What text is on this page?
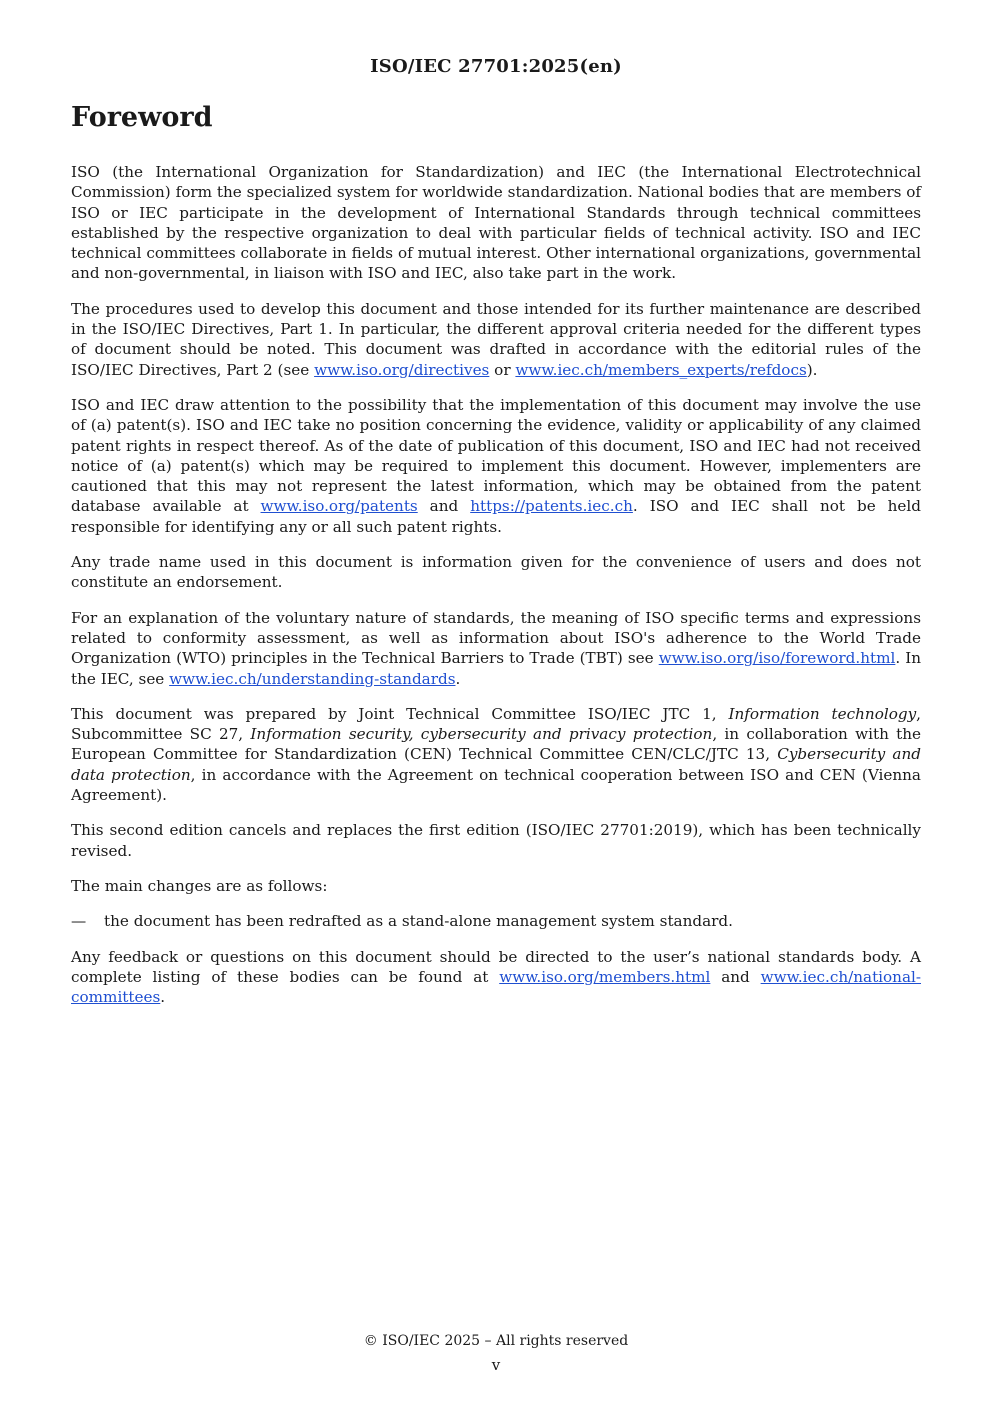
ISO/IEC 27701:2025(en)
Foreword

ISO (the International Organization for Standardization) and IEC (the International Electrotechnical Commission) form the specialized system for worldwide standardization. National bodies that are members of ISO or IEC participate in the development of International Standards through technical committees established by the respective organization to deal with particular fields of technical activity. ISO and IEC technical committees collaborate in fields of mutual interest. Other international organizations, governmental and non-governmental, in liaison with ISO and IEC, also take part in the work.

The procedures used to develop this document and those intended for its further maintenance are described in the ISO/IEC Directives, Part 1. In particular, the different approval criteria needed for the different types of document should be noted. This document was drafted in accordance with the editorial rules of the ISO/IEC Directives, Part 2 (see www.iso.org/directives or www.iec.ch/members_experts/refdocs).

ISO and IEC draw attention to the possibility that the implementation of this document may involve the use of (a) patent(s). ISO and IEC take no position concerning the evidence, validity or applicability of any claimed patent rights in respect thereof. As of the date of publication of this document, ISO and IEC had not received notice of (a) patent(s) which may be required to implement this document. However, implementers are cautioned that this may not represent the latest information, which may be obtained from the patent database available at www.iso.org/patents and https://patents.iec.ch. ISO and IEC shall not be held responsible for identifying any or all such patent rights.

Any trade name used in this document is information given for the convenience of users and does not constitute an endorsement.

For an explanation of the voluntary nature of standards, the meaning of ISO specific terms and expressions related to conformity assessment, as well as information about ISO's adherence to the World Trade Organization (WTO) principles in the Technical Barriers to Trade (TBT) see www.iso.org/iso/foreword.html. In the IEC, see www.iec.ch/understanding-standards.

This document was prepared by Joint Technical Committee ISO/IEC JTC 1, Information technology, Subcommittee SC 27, Information security, cybersecurity and privacy protection, in collaboration with the European Committee for Standardization (CEN) Technical Committee CEN/CLC/JTC 13, Cybersecurity and data protection, in accordance with the Agreement on technical cooperation between ISO and CEN (Vienna Agreement).

This second edition cancels and replaces the first edition (ISO/IEC 27701:2019), which has been technically revised.

The main changes are as follows:

—	the document has been redrafted as a stand-alone management system standard.

Any feedback or questions on this document should be directed to the user’s national standards body. A complete listing of these bodies can be found at www.iso.org/members.html and www.iec.ch/national-committees.

© ISO/IEC 2025 – All rights reserved
v
